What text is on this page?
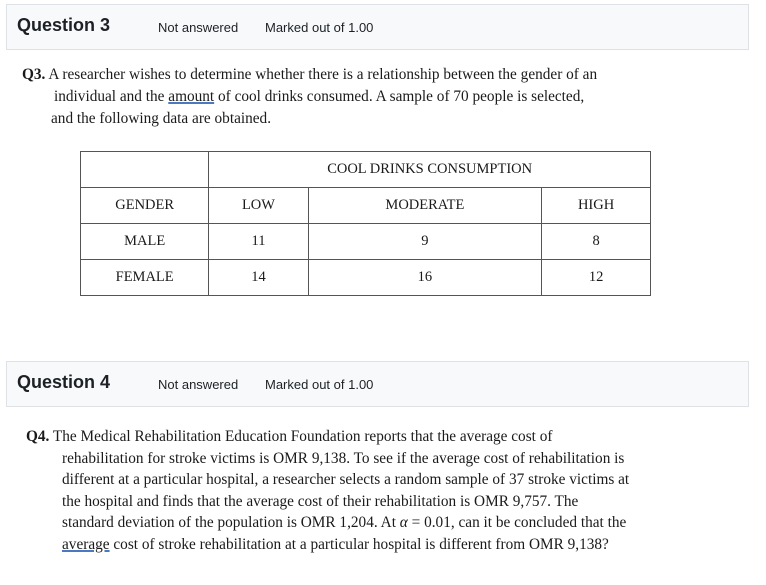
Question 3	Not answered Marked out of 1.00
Q3. A researcher wishes to determine whether there is a relationship between the gender of an
individual and the amount of cool drinks consumed. A sample of 70 people is selected,
and the following data are obtained.
	COOL DRINKS CONSUMPTION		
GENDER	LOW	MODERATE	HIGH
MALE	11	9	8
FEMALE	14	16	12
Question 4	Not answered Marked out of 1.00
Q4. The Medical Rehabilitation Education Foundation reports that the average cost of
rehabilitation for stroke victims is OMR 9,138. To see if the average cost of rehabilitation is
different at a particular hospital, a researcher selects a random sample of 37 stroke victims at
the hospital and finds that the average cost of their rehabilitation is OMR 9,757. The
standard deviation of the population is OMR 1,204. At α = 0.01, can it be concluded that the
average cost of stroke rehabilitation at a particular hospital is different from OMR 9,138?
